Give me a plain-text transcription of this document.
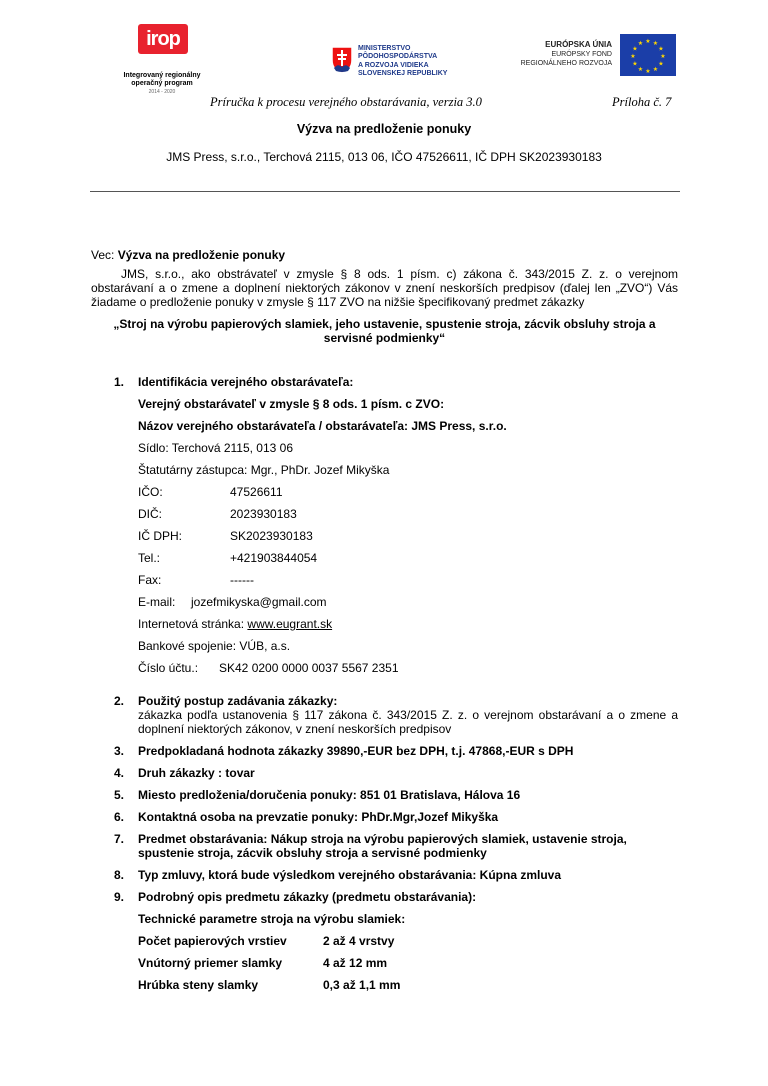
irop
Integrovaný regionálny operačný program
2014 - 2020
MINISTERSTVO
PÔDOHOSPODÁRSTVA
A ROZVOJA VIDIEKA
SLOVENSKEJ REPUBLIKY
EURÓPSKA ÚNIA
EURÓPSKY FOND
REGIONÁLNEHO ROZVOJA
★ ★
★
★
★
★
★
★
★
★
★
★
Príručka k procesu verejného obstarávania, verzia 3.0	Príloha č. 7
Výzva na predloženie ponuky
JMS Press, s.r.o., Terchová 2115, 013 06, IČO 47526611, IČ DPH SK2023930183
Vec: Výzva na predloženie ponuky
JMS, s.r.o., ako obstrávateľ v zmysle § 8 ods. 1 písm. c) zákona č. 343/2015 Z. z. o verejnom obstarávaní a o zmene a doplnení niektorých zákonov v znení neskorších predpisov (ďalej len „ZVO“) Vás žiadame o predloženie ponuky v zmysle § 117 ZVO na nižšie špecifikovaný predmet zákazky
„Stroj na výrobu papierových slamiek, jeho ustavenie, spustenie stroja, zácvik obsluhy stroja a servisné podmienky“
1.	Identifikácia verejného obstarávateľa:
Verejný obstarávateľ v zmysle § 8 ods. 1 písm. c ZVO:
Názov verejného obstarávateľa / obstarávateľa: JMS Press, s.r.o.
Sídlo: Terchová 2115, 013 06
Štatutárny zástupca: Mgr., PhDr. Jozef Mikyška
IČO:	47526611
DIČ:	2023930183
IČ DPH:	SK2023930183
Tel.:	+421903844054
Fax:	------
E-mail: jozefmikyska@gmail.com
Internetová stránka: www.eugrant.sk
Bankové spojenie: VÚB, a.s.
Číslo účtu.: SK42 0200 0000 0037 5567 2351
2.	Použitý postup zadávania zákazky:
zákazka podľa ustanovenia § 117 zákona č. 343/2015 Z. z. o verejnom obstarávaní a o zmene a doplnení niektorých zákonov, v znení neskorších predpisov
3.	Predpokladaná hodnota zákazky 39890,-EUR bez DPH, t.j. 47868,-EUR s DPH
4.	Druh zákazky : tovar
5.	Miesto predloženia/doručenia ponuky: 851 01 Bratislava, Hálova 16
6.	Kontaktná osoba na prevzatie ponuky: PhDr.Mgr,Jozef Mikyška
7.	Predmet obstarávania: Nákup stroja na výrobu papierových slamiek, ustavenie stroja, spustenie stroja, zácvik obsluhy stroja a servisné podmienky
8.	Typ zmluvy, ktorá bude výsledkom verejného obstarávania: Kúpna zmluva
9.	Podrobný opis predmetu zákazky (predmetu obstarávania):
Technické parametre stroja na výrobu slamiek:
Počet papierových vrstiev	2 až 4 vrstvy
Vnútorný priemer slamky	4 až 12 mm
Hrúbka steny slamky	0,3 až 1,1 mm
